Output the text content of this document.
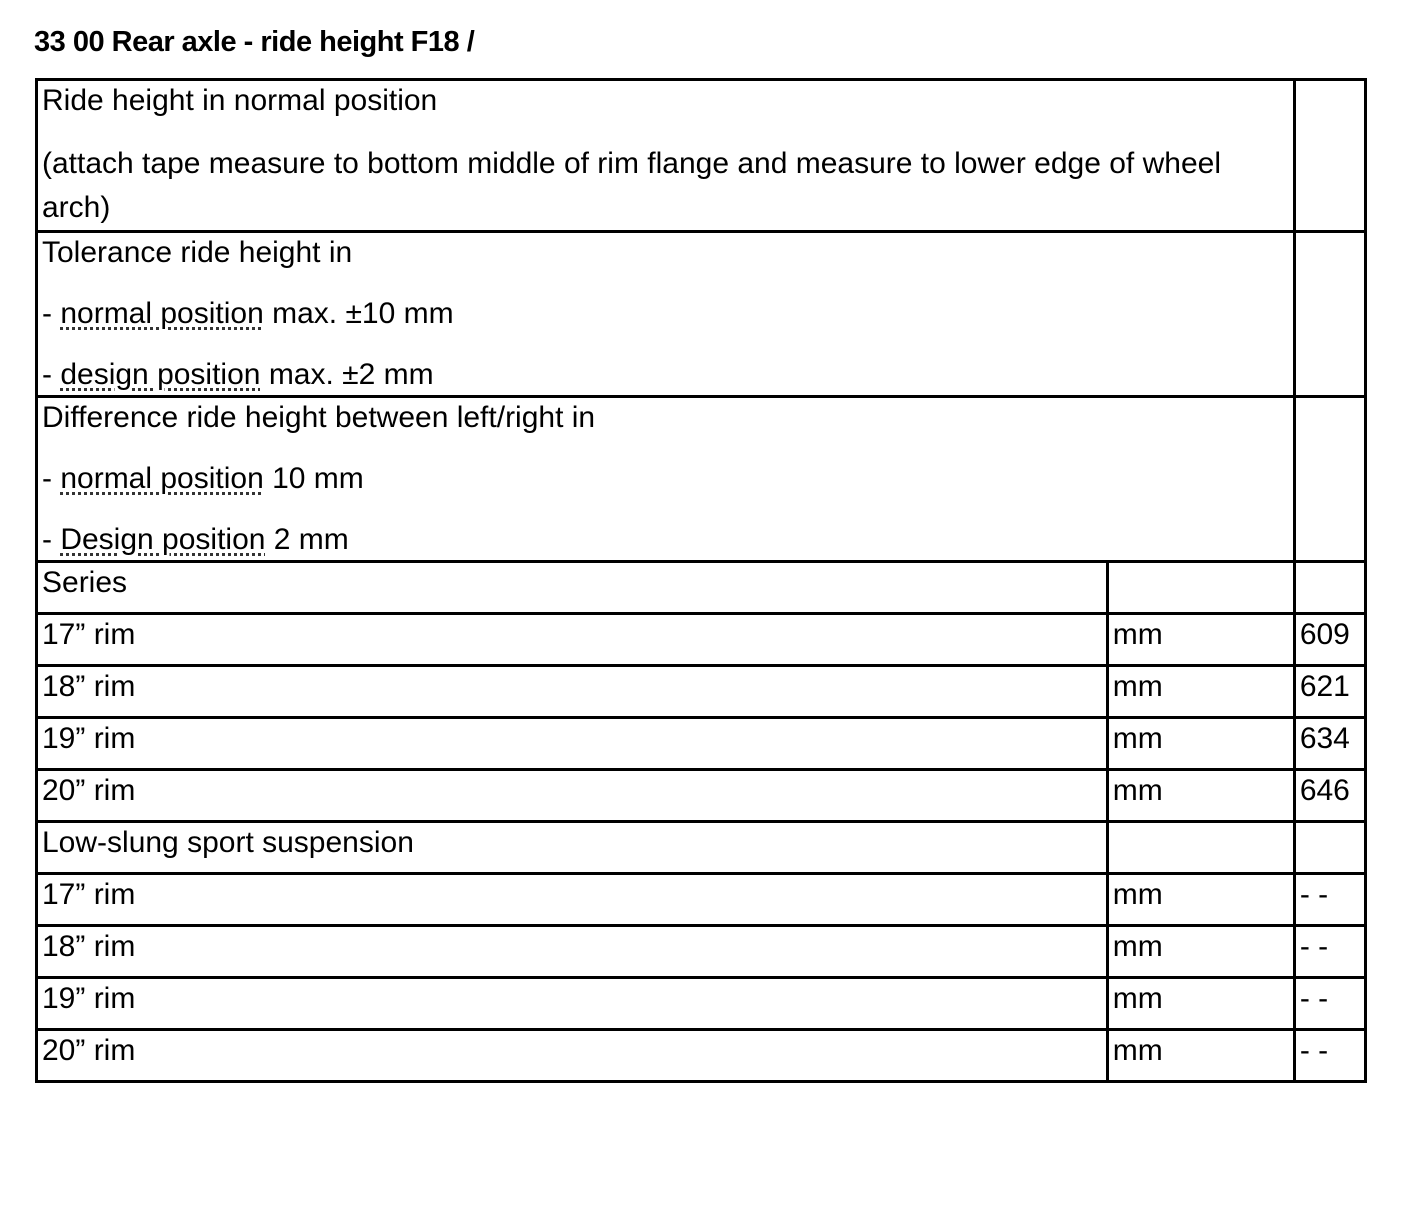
33 00 Rear axle - ride height F18 /

Ride height in normal position

(attach tape measure to bottom middle of rim flange and measure to lower edge of wheel arch)		

Tolerance ride height in

- normal position max. ±10 mm

- design position max. ±2 mm		

Difference ride height between left/right in

- normal position 10 mm

- Design position 2 mm		

Series		
17” rim	mm	609
18” rim	mm	621
19” rim	mm	634
20” rim	mm	646
Low-slung sport suspension		
17” rim	mm	- -
18” rim	mm	- -
19” rim	mm	- -
20” rim	mm	- -
